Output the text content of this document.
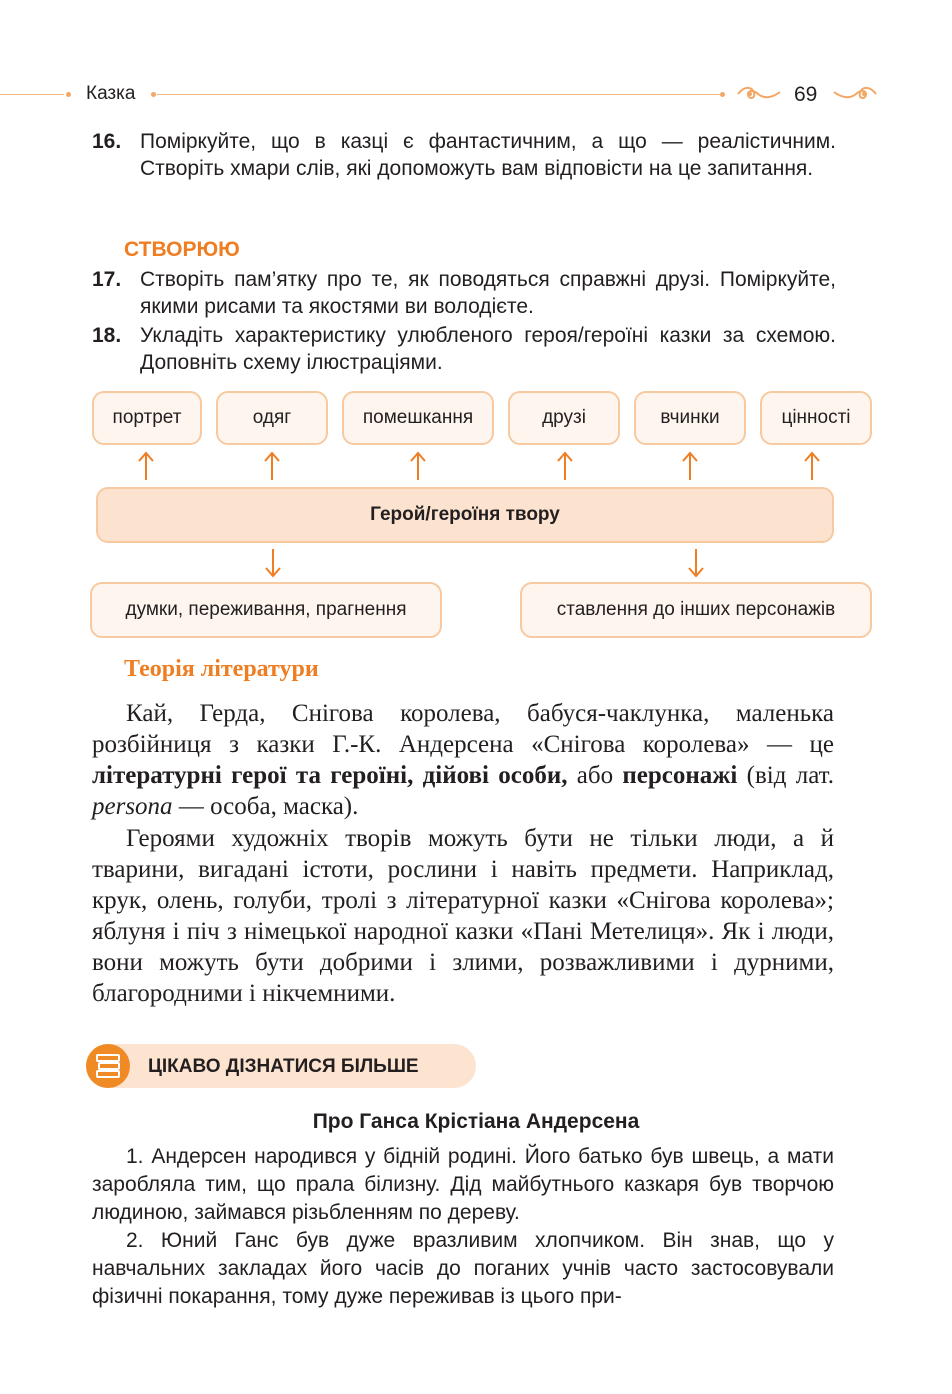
Казка	69
16. Поміркуйте, що в казці є фантастичним, а що — реалістичним. Створіть хмари слів, які допоможуть вам відповісти на це запитання.
СТВОРЮЮ
17. Створіть пам’ятку про те, як поводяться справжні друзі. Поміркуйте, якими рисами та якостями ви володієте.
18. Укладіть характеристику улюбленого героя/героїні казки за схемою. Доповніть схему ілюстраціями.
портрет	одяг	помешкання	друзі	вчинки	цінності
Герой/героїня твору
думки, переживання, прагнення	ставлення до інших персонажів
Теорія літератури
Кай, Герда, Снігова королева, бабуся-чаклунка, маленька розбійниця з казки Г.-К. Андерсена «Снігова королева» — це літературні герої та героїні, дійові особи, або персонажі (від лат. persona — особа, маска).
Героями художніх творів можуть бути не тільки люди, а й тварини, вигадані істоти, рослини і навіть предмети. Наприклад, крук, олень, голуби, тролі з літературної казки «Снігова королева»; яблуня і піч з німецької народної казки «Пані Метелиця». Як і люди, вони можуть бути добрими і злими, розважливими і дурними, благородними і нікчемними.
ЦІКАВО ДІЗНАТИСЯ БІЛЬШЕ
Про Ганса Крістіана Андерсена
1. Андерсен народився у бідній родині. Його батько був швець, а мати заробляла тим, що прала білизну. Дід майбутнього казкаря був творчою людиною, займався різьбленням по дереву.
2. Юний Ганс був дуже вразливим хлопчиком. Він знав, що у навчальних закладах його часів до поганих учнів часто застосовували фізичні покарання, тому дуже переживав із цього при-
